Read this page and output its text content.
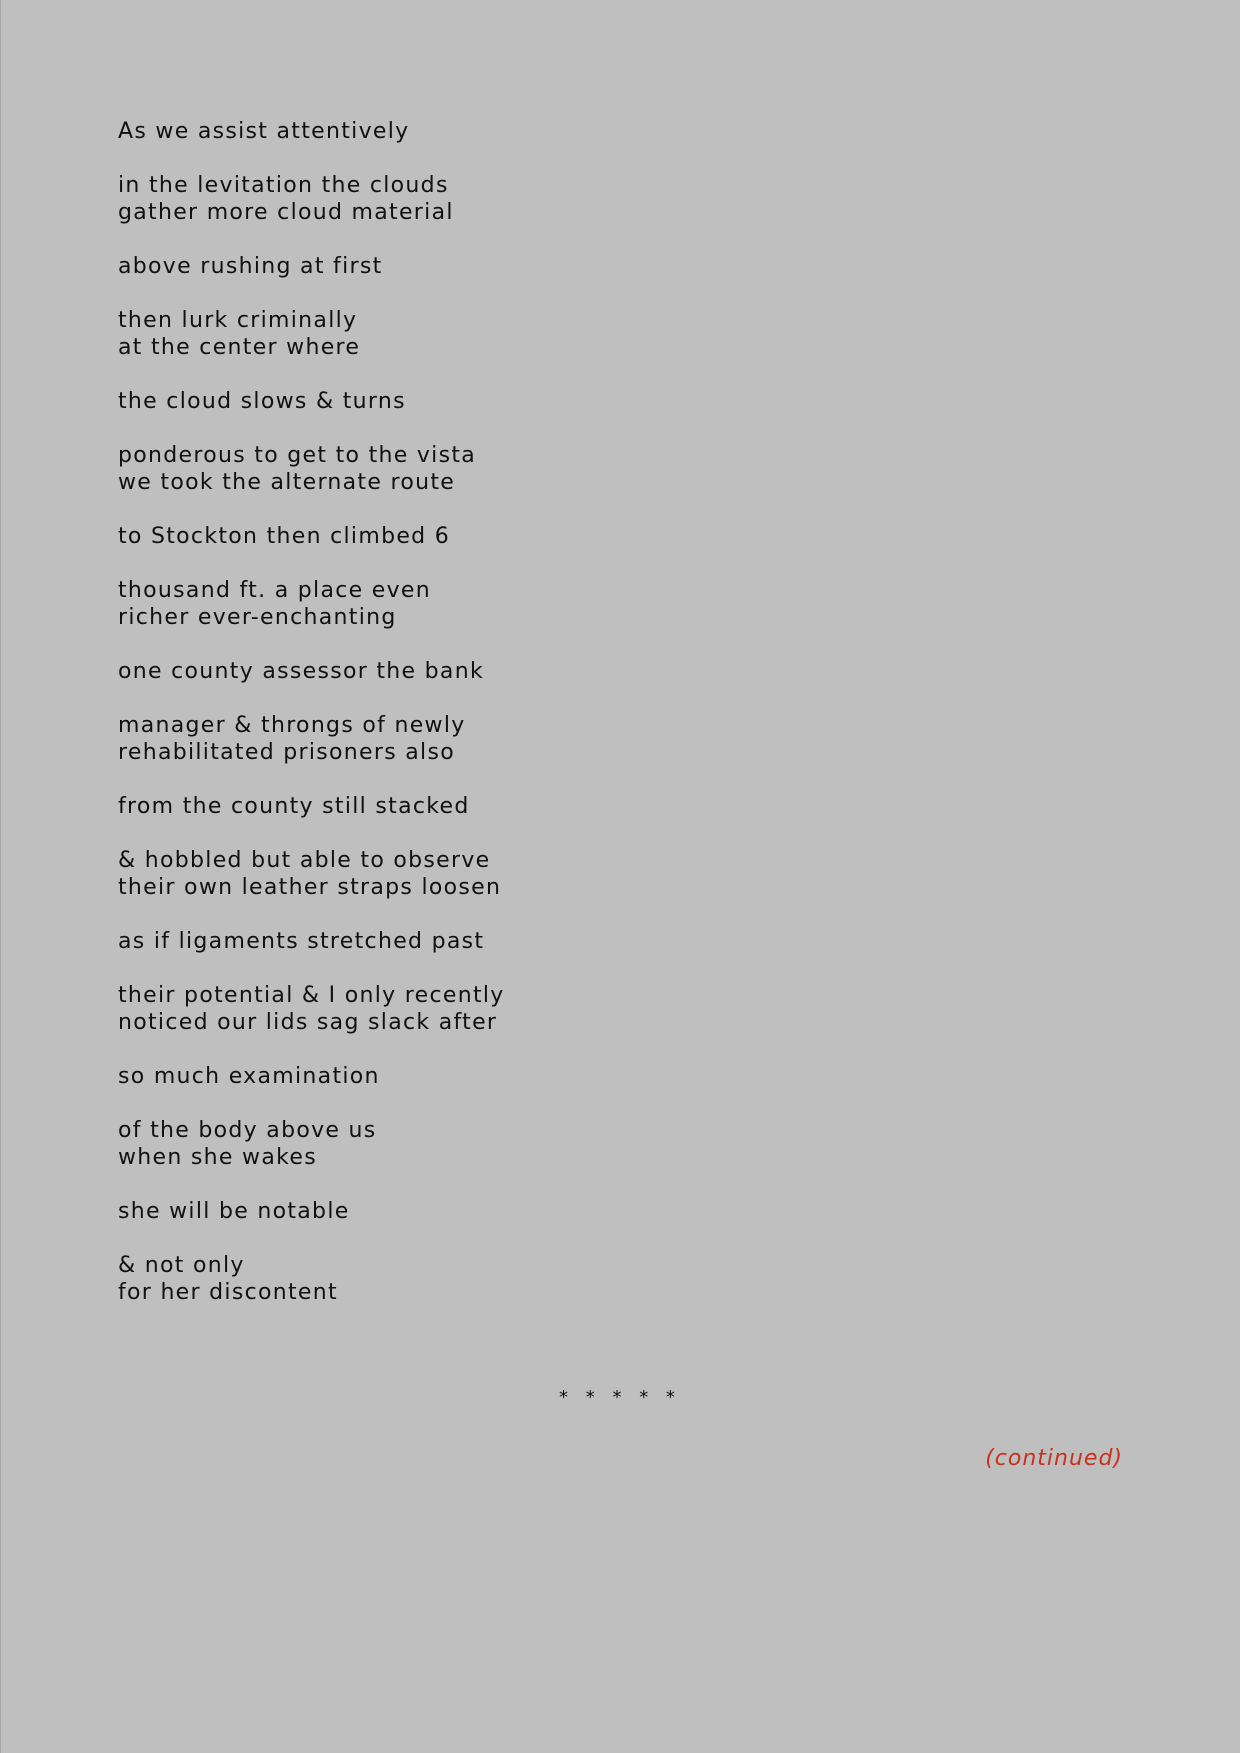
As we assist attentively
in the levitation the clouds
gather more cloud material
above rushing at first
then lurk criminally
at the center where
the cloud slows & turns
ponderous to get to the vista
we took the alternate route
to Stockton then climbed 6
thousand ft. a place even
richer ever-enchanting
one county assessor the bank
manager & throngs of newly
rehabilitated prisoners also
from the county still stacked
& hobbled but able to observe
their own leather straps loosen
as if ligaments stretched past
their potential & I only recently
noticed our lids sag slack after
so much examination
of the body above us
when she wakes
she will be notable
& not only
for her discontent
* * * * *
(continued)
